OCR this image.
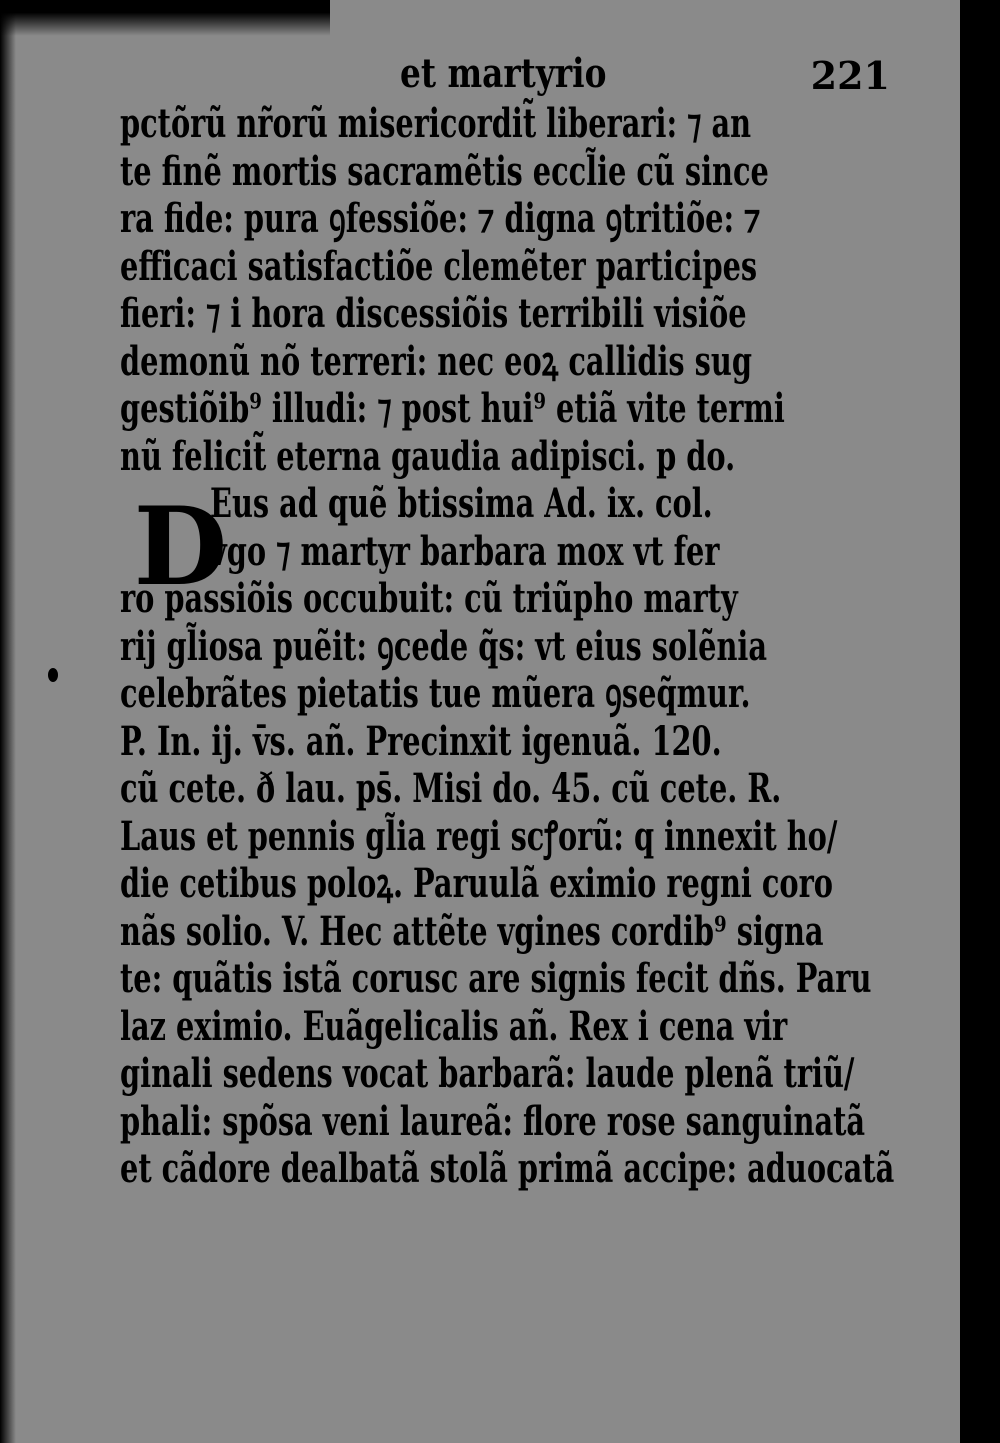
et martyrio	221
D
pctõrũ nr̃orũ misericordit̃ liberari: ⁊ an
te finẽ mortis sacramẽtis eccl̃ie cũ since
ra fide: pura ꝯfessiõe: ⁊ digna ꝯtritiõe: ⁊
efficaci satisfactiõe clemẽter participes
fieri: ⁊ i hora discessiõis terribili visiõe
demonũ nõ terreri: nec eoꝝ callidis sug
gestiõib⁹ illudi: ⁊ post hui⁹ etiã vite termi
nũ felicit̃ eterna gaudia adipisci. p do.
Eus ad quẽ btissima Ad. ix. col.
vgo ⁊ martyr barbara mox vt fer
ro passiõis occubuit: cũ triũpho marty
rij gl̃iosa puẽit: ꝯcede q̃s: vt eius solẽnia
celebrãtes pietatis tue mũera ꝯseq̃mur.
P. In. ij. v̄s. añ. Precinxit igenuã. 120.
cũ cete. ð lau. ps̄. Misi do. 45. cũ cete. R.
Laus et pennis gl̃ia regi scꝭorũ: q innexit ho/
die cetibus poloꝝ. Paruulã eximio regni coro
nãs solio. V. Hec attẽte vgines cordib⁹ signa
te: quãtis istã corusc are signis fecit dñs. Paru
laz eximio. Euãgelicalis añ. Rex i cena vir
ginali sedens vocat barbarã: laude plenã triũ/
phali: spõsa veni laureã: flore rose sanguinatã
et cãdore dealbatã stolã primã accipe: aduocatã
